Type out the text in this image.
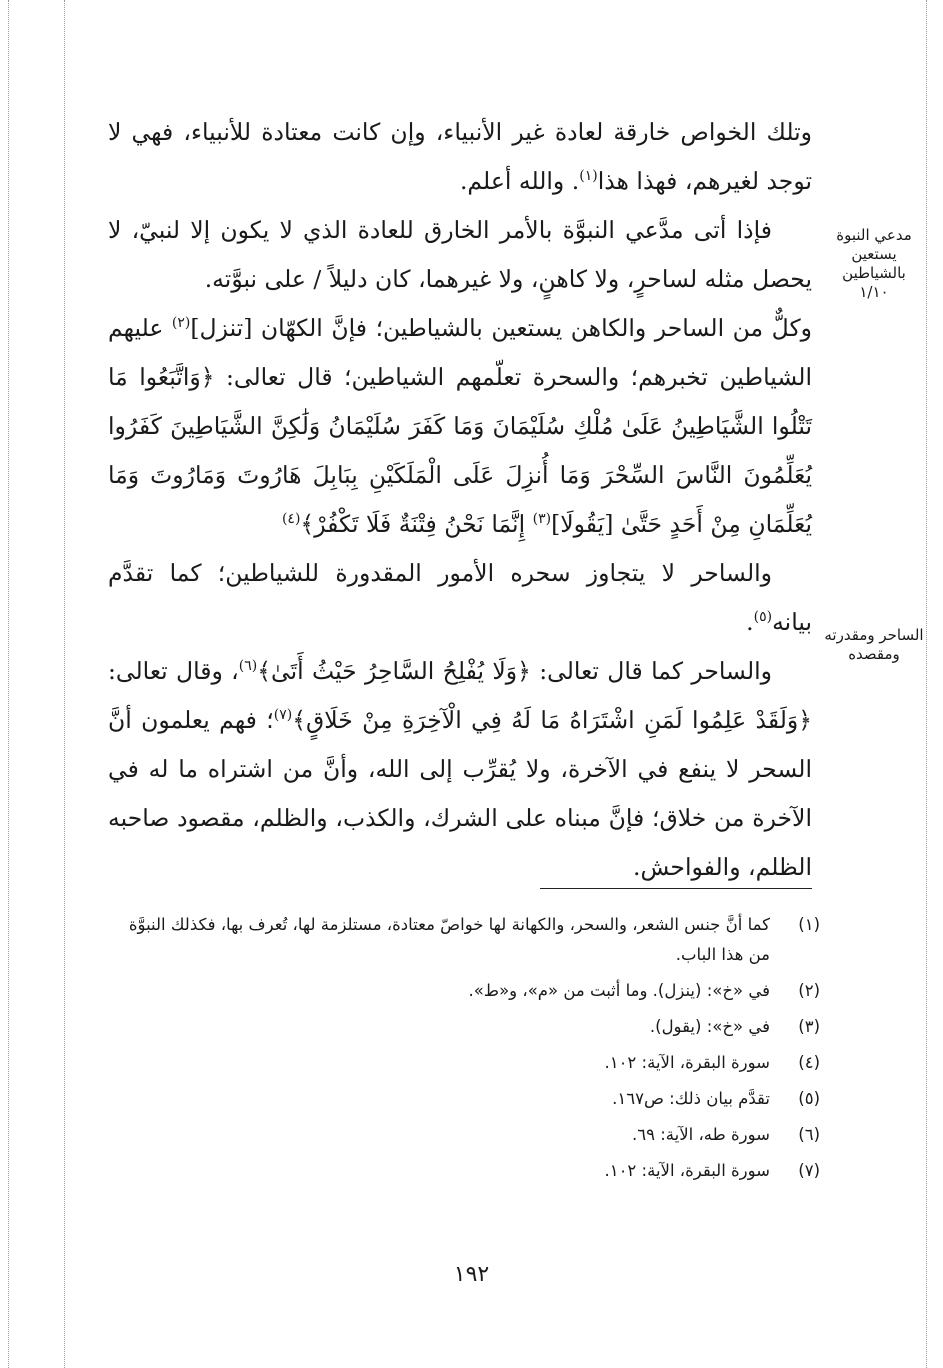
مدعي النبوة
يستعين بالشياطين
١/١٠
الساحر ومقدرته
ومقصده

وتلك الخواص خارقة لعادة غير الأنبياء، وإن كانت معتادة للأنبياء، فهي لا توجد لغيرهم، فهذا هذا$^{(١)}$. والله أعلم.

فإذا أتى مدَّعي النبوَّة بالأمر الخارق للعادة الذي لا يكون إلا لنبيّ، لا يحصل مثله لساحرٍ، ولا كاهنٍ، ولا غيرهما، كان دليلاً / على نبوَّته.

وكلٌّ من الساحر والكاهن يستعين بالشياطين؛ فإنَّ الكهّان [تنزل]$^{(٢)}$ عليهم الشياطين تخبرهم؛ والسحرة تعلّمهم الشياطين؛ قال تعالى: ﴿وَاتَّبَعُوا مَا تَتْلُوا الشَّيَاطِينُ عَلَىٰ مُلْكِ سُلَيْمَانَ وَمَا كَفَرَ سُلَيْمَانُ وَلَٰكِنَّ الشَّيَاطِينَ كَفَرُوا يُعَلِّمُونَ النَّاسَ السِّحْرَ وَمَا أُنزِلَ عَلَى الْمَلَكَيْنِ بِبَابِلَ هَارُوتَ وَمَارُوتَ وَمَا يُعَلِّمَانِ مِنْ أَحَدٍ حَتَّىٰ [يَقُولَا]$^{(٣)}$ إِنَّمَا نَحْنُ فِتْنَةٌ فَلَا تَكْفُرْ﴾$^{(٤)}$

والساحر لا يتجاوز سحره الأمور المقدورة للشياطين؛ كما تقدَّم بيانه$^{(٥)}$.

والساحر كما قال تعالى: ﴿وَلَا يُفْلِحُ السَّاحِرُ حَيْثُ أَتَىٰ﴾$^{(٦)}$، وقال تعالى: ﴿وَلَقَدْ عَلِمُوا لَمَنِ اشْتَرَاهُ مَا لَهُ فِي الْآخِرَةِ مِنْ خَلَاقٍ﴾$^{(٧)}$؛ فهم يعلمون أنَّ السحر لا ينفع في الآخرة، ولا يُقرِّب إلى الله، وأنَّ من اشتراه ما له في الآخرة من خلاق؛ فإنَّ مبناه على الشرك، والكذب، والظلم، مقصود صاحبه الظلم، والفواحش.

(١)
كما أنَّ جنس الشعر، والسحر، والكهانة لها خواصّ معتادة، مستلزمة لها، تُعرف بها، فكذلك النبوَّة من هذا الباب.
(٢)
في «خ»: (ينزل). وما أثبت من «م»، و«ط».
(٣)
في «خ»: (يقول).
(٤)
سورة البقرة، الآية: ١٠٢.
(٥)
تقدَّم بيان ذلك: ص١٦٧.
(٦)
سورة طه، الآية: ٦٩.
(٧)
سورة البقرة، الآية: ١٠٢.
١٩٢
